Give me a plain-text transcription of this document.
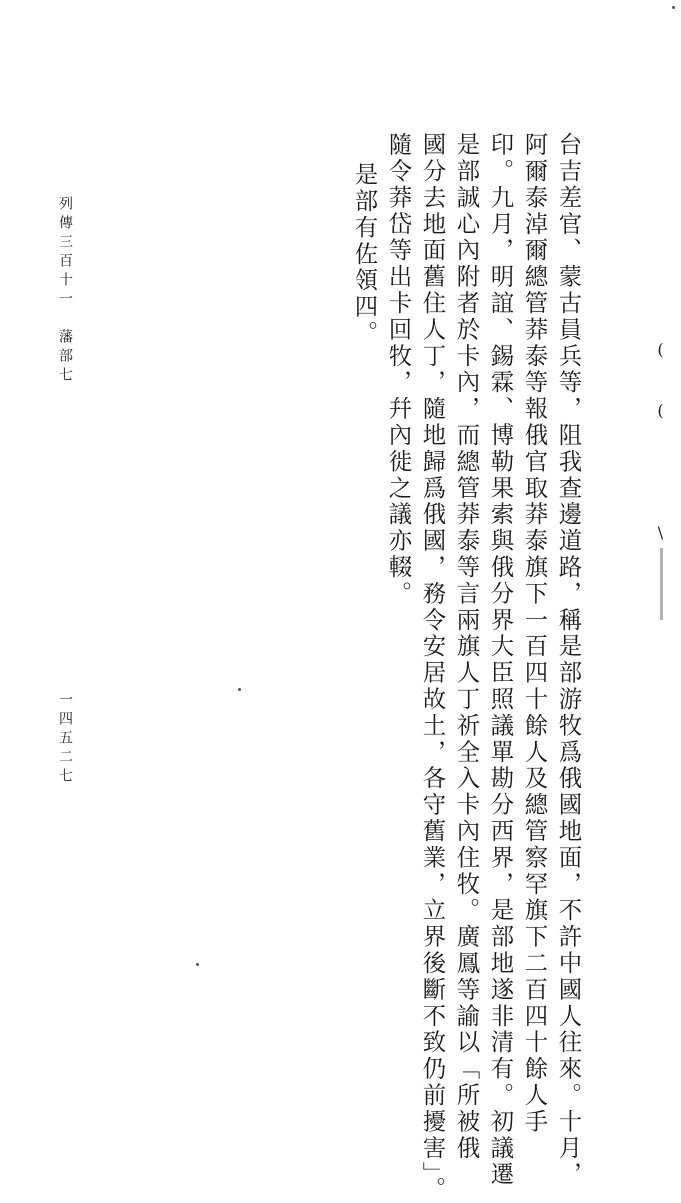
台吉差官、蒙古員兵等，阻我查邊道路，稱是部游牧爲俄國地面，不許中國人往來。十月，
阿爾泰淖爾總管莽泰等報俄官取莽泰旗下一百四十餘人及總管察罕旗下二百四十餘人手
印。九月，明誼、錫霖、博勒果索與俄分界大臣照議單勘分西界，是部地遂非清有。初議遷
是部誠心內附者於卡內，而總管莽泰等言兩旗人丁祈全入卡內住牧。廣鳳等諭以「所被俄
國分去地面舊住人丁，隨地歸爲俄國，務令安居故土，各守舊業，立界後斷不致仍前擾害」。
隨令莽岱等出卡回牧，幷內徙之議亦輟。
是部有佐領四。
列傳三百十一　藩部七
一四五二七
(( \
